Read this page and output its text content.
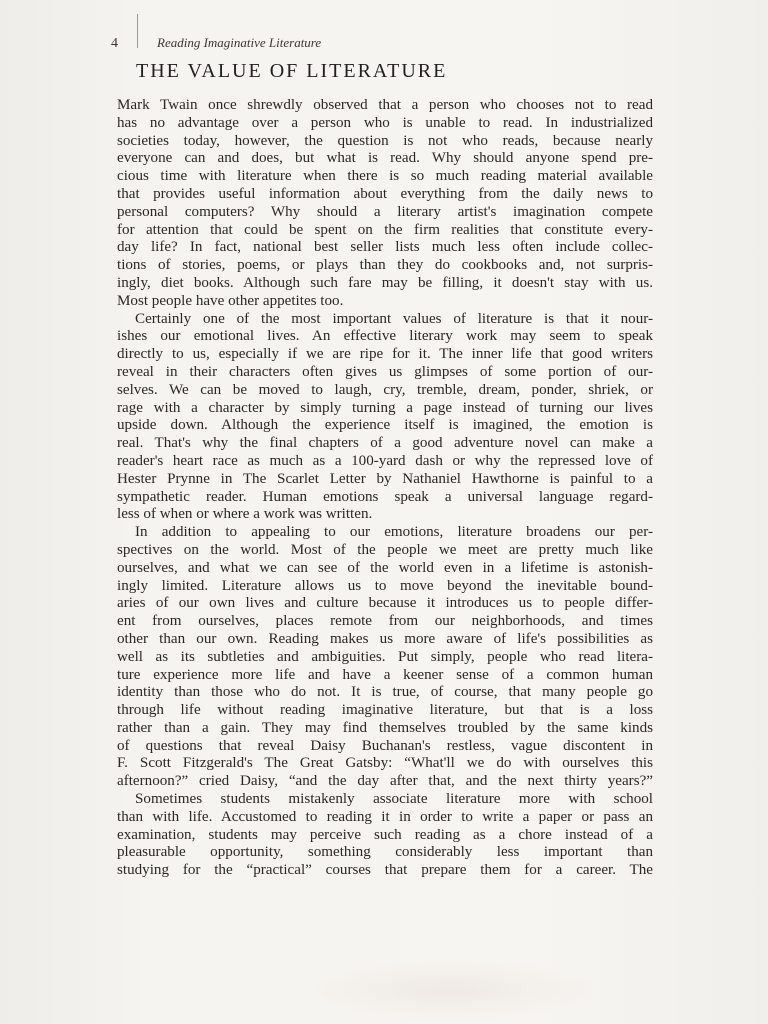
4	Reading Imaginative Literature
THE VALUE OF LITERATURE
Mark Twain once shrewdly observed that a person who chooses not to read
has no advantage over a person who is unable to read. In industrialized
societies today, however, the question is not who reads, because nearly
everyone can and does, but what is read. Why should anyone spend pre-
cious time with literature when there is so much reading material available
that provides useful information about everything from the daily news to
personal computers? Why should a literary artist's imagination compete
for attention that could be spent on the firm realities that constitute every-
day life? In fact, national best seller lists much less often include collec-
tions of stories, poems, or plays than they do cookbooks and, not surpris-
ingly, diet books. Although such fare may be filling, it doesn't stay with us.
Most people have other appetites too.
Certainly one of the most important values of literature is that it nour-
ishes our emotional lives. An effective literary work may seem to speak
directly to us, especially if we are ripe for it. The inner life that good writers
reveal in their characters often gives us glimpses of some portion of our-
selves. We can be moved to laugh, cry, tremble, dream, ponder, shriek, or
rage with a character by simply turning a page instead of turning our lives
upside down. Although the experience itself is imagined, the emotion is
real. That's why the final chapters of a good adventure novel can make a
reader's heart race as much as a 100-yard dash or why the repressed love of
Hester Prynne in The Scarlet Letter by Nathaniel Hawthorne is painful to a
sympathetic reader. Human emotions speak a universal language regard-
less of when or where a work was written.
In addition to appealing to our emotions, literature broadens our per-
spectives on the world. Most of the people we meet are pretty much like
ourselves, and what we can see of the world even in a lifetime is astonish-
ingly limited. Literature allows us to move beyond the inevitable bound-
aries of our own lives and culture because it introduces us to people differ-
ent from ourselves, places remote from our neighborhoods, and times
other than our own. Reading makes us more aware of life's possibilities as
well as its subtleties and ambiguities. Put simply, people who read litera-
ture experience more life and have a keener sense of a common human
identity than those who do not. It is true, of course, that many people go
through life without reading imaginative literature, but that is a loss
rather than a gain. They may find themselves troubled by the same kinds
of questions that reveal Daisy Buchanan's restless, vague discontent in
F. Scott Fitzgerald's The Great Gatsby: “What'll we do with ourselves this
afternoon?” cried Daisy, “and the day after that, and the next thirty years?”
Sometimes students mistakenly associate literature more with school
than with life. Accustomed to reading it in order to write a paper or pass an
examination, students may perceive such reading as a chore instead of a
pleasurable opportunity, something considerably less important than
studying for the “practical” courses that prepare them for a career. The
